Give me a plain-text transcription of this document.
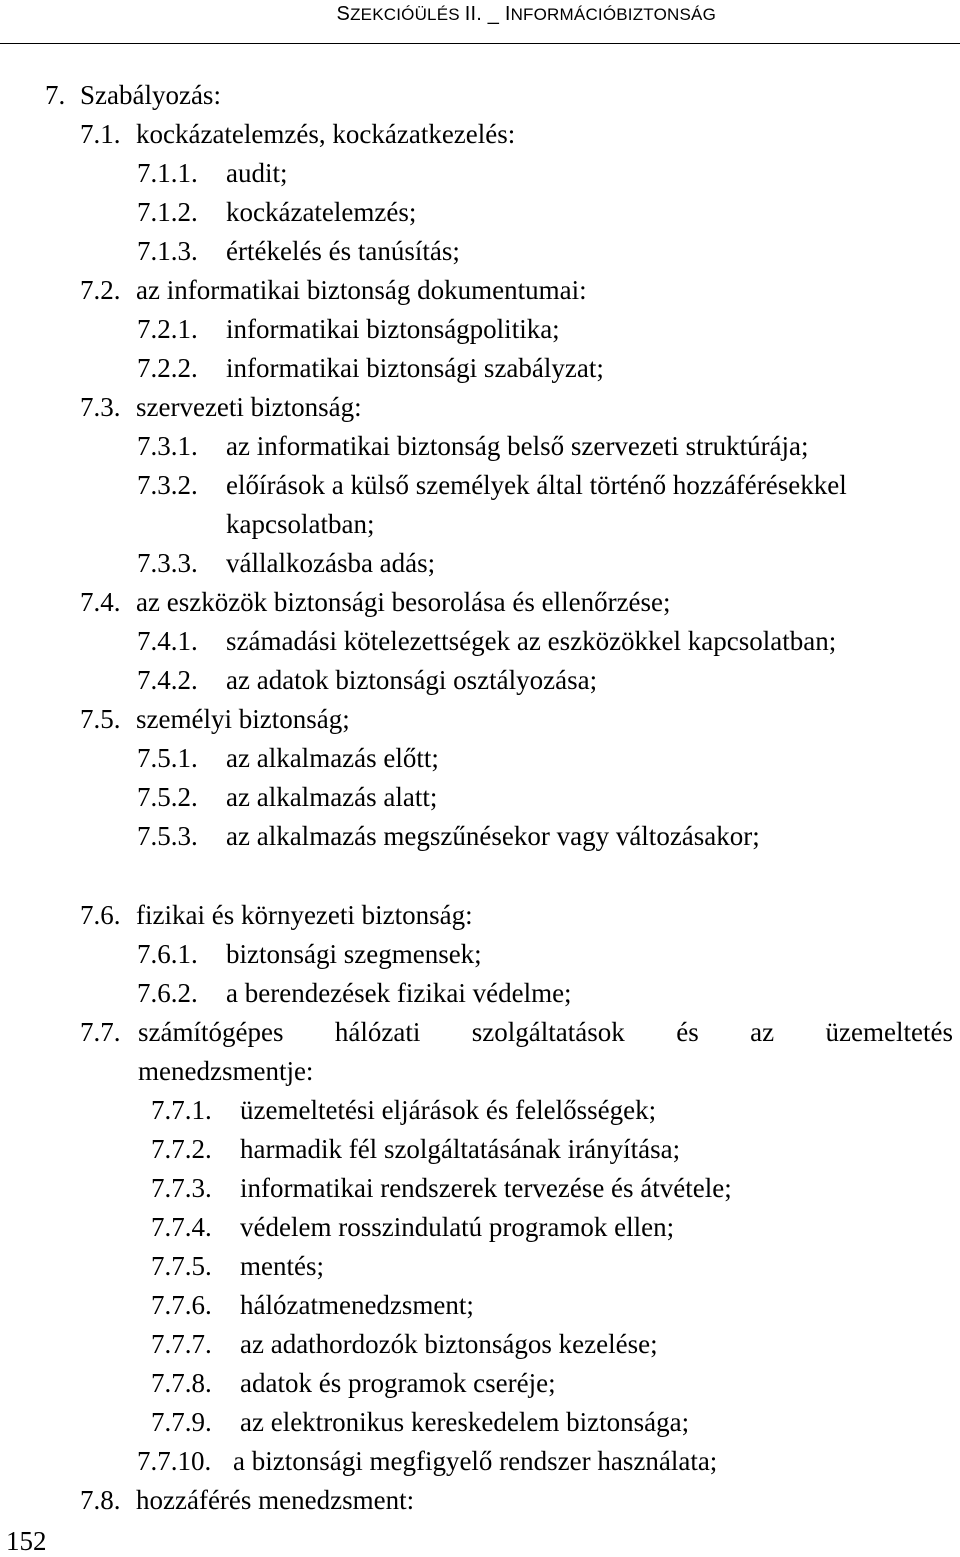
SZEKCIÓÜLÉS II. _ INFORMÁCIÓBIZTONSÁG
7. Szabályozás:
7.1. kockázatelemzés, kockázatkezelés:
7.1.1. audit;
7.1.2. kockázatelemzés;
7.1.3. értékelés és tanúsítás;
7.2. az informatikai biztonság dokumentumai:
7.2.1. informatikai biztonságpolitika;
7.2.2. informatikai biztonsági szabályzat;
7.3. szervezeti biztonság:
7.3.1. az informatikai biztonság belső szervezeti struktúrája;
7.3.2. előírások a külső személyek által történő hozzáférésekkel
kapcsolatban;
7.3.3. vállalkozásba adás;
7.4. az eszközök biztonsági besorolása és ellenőrzése;
7.4.1. számadási kötelezettségek az eszközökkel kapcsolatban;
7.4.2. az adatok biztonsági osztályozása;
7.5. személyi biztonság;
7.5.1. az alkalmazás előtt;
7.5.2. az alkalmazás alatt;
7.5.3. az alkalmazás megszűnésekor vagy változásakor;
7.6. fizikai és környezeti biztonság:
7.6.1. biztonsági szegmensek;
7.6.2. a berendezések fizikai védelme;
7.7. számítógépes hálózati szolgáltatások és az üzemeltetés
menedzsmentje:
7.7.1. üzemeltetési eljárások és felelősségek;
7.7.2. harmadik fél szolgáltatásának irányítása;
7.7.3. informatikai rendszerek tervezése és átvétele;
7.7.4. védelem rosszindulatú programok ellen;
7.7.5. mentés;
7.7.6. hálózatmenedzsment;
7.7.7. az adathordozók biztonságos kezelése;
7.7.8. adatok és programok cseréje;
7.7.9. az elektronikus kereskedelem biztonsága;
7.7.10. a biztonsági megfigyelő rendszer használata;
7.8. hozzáférés menedzsment:
152
